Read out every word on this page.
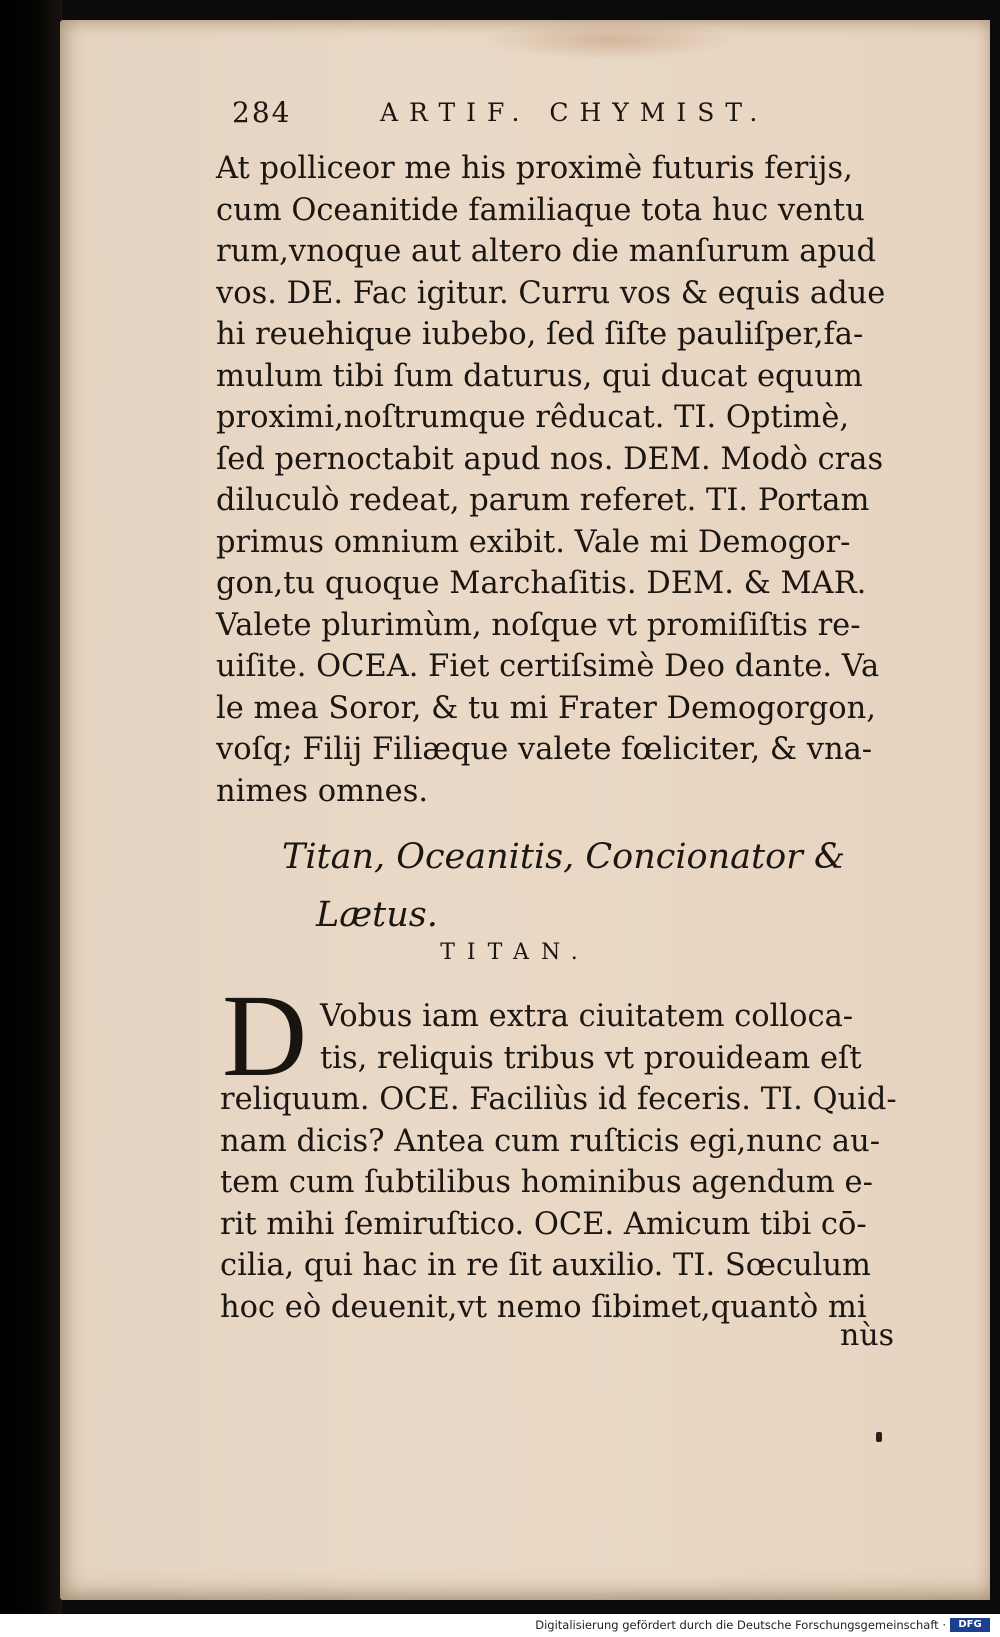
284	ARTIF. CHYMIST.
At polliceor me his proximè futuris ferijs,
cum Oceanitide familiaque tota huc ventu
rum,vnoque aut altero die manſurum apud
vos. DE. Fac igitur. Curru vos & equis adue
hi reuehique iubebo, ſed ſiſte pauliſper,fa-
mulum tibi ſum daturus, qui ducat equum
proximi,noſtrumque rêducat. TI. Optimè,
ſed pernoctabit apud nos. DEM. Modò cras
diluculò redeat, parum referet. TI. Portam
primus omnium exibit. Vale mi Demogor-
gon,tu quoque Marchaſitis. DEM. & MAR.
Valete plurimùm, noſque vt promiſiſtis re-
uiſite. OCEA. Fiet certiſsimè Deo dante. Va
le mea Soror, & tu mi Frater Demogorgon,
voſq; Filij Filiæque valete fœliciter, & vna-
nimes omnes.
Titan, Oceanitis, Concionator &
Lætus.
TITAN.
D Vobus iam extra ciuitatem colloca-
tis, reliquis tribus vt prouideam eſt
reliquum. OCE. Faciliùs id feceris. TI. Quid-
nam dicis? Antea cum ruſticis egi,nunc au-
tem cum ſubtilibus hominibus agendum e-
rit mihi ſemiruſtico. OCE. Amicum tibi cō-
cilia, qui hac in re ſit auxilio. TI. Sœculum
hoc eò deuenit,vt nemo ſibimet,quantò mi
nùs
Digitalisierung gefördert durch die Deutsche Forschungsgemeinschaft ·	DFG
